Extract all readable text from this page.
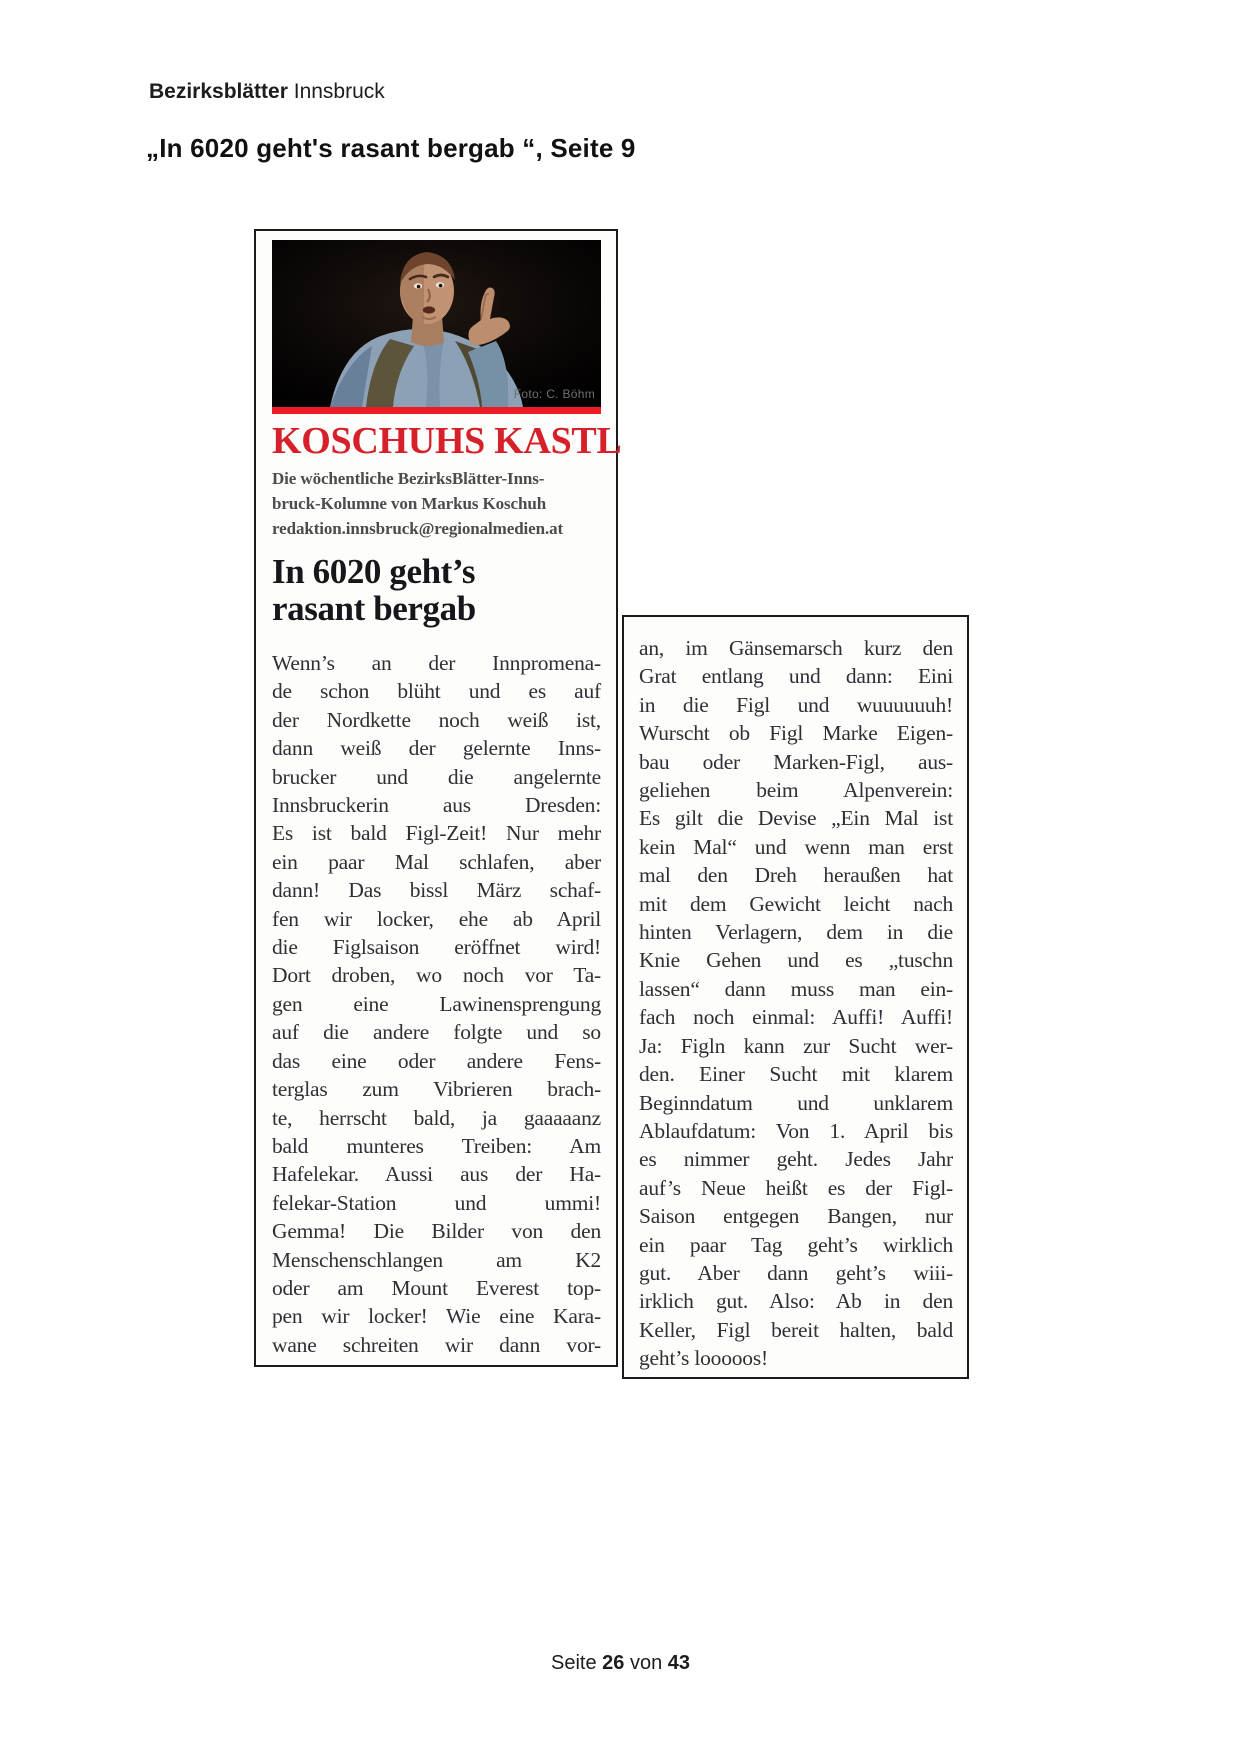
Bezirksblätter Innsbruck
„In 6020 geht's rasant bergab “, Seite 9
Foto: C. Böhm
KOSCHUHS KASTL
Die wöchentliche BezirksBlätter-Inns-
bruck-Kolumne von Markus Koschuh
redaktion.innsbruck@regionalmedien.at
In 6020 geht’s
rasant bergab
Wenn’s an der Innpromena-
de schon blüht und es auf
der Nordkette noch weiß ist,
dann weiß der gelernte Inns-
brucker und die angelernte
Innsbruckerin aus Dresden:
Es ist bald Figl-Zeit! Nur mehr
ein paar Mal schlafen, aber
dann! Das bissl März schaf-
fen wir locker, ehe ab April
die Figlsaison eröffnet wird!
Dort droben, wo noch vor Ta-
gen eine Lawinensprengung
auf die andere folgte und so
das eine oder andere Fens-
terglas zum Vibrieren brach-
te, herrscht bald, ja gaaaaanz
bald munteres Treiben: Am
Hafelekar. Aussi aus der Ha-
felekar-Station und ummi!
Gemma! Die Bilder von den
Menschenschlangen am K2
oder am Mount Everest top-
pen wir locker! Wie eine Kara-
wane schreiten wir dann vor-
an, im Gänsemarsch kurz den
Grat entlang und dann: Eini
in die Figl und wuuuuuuh!
Wurscht ob Figl Marke Eigen-
bau oder Marken-Figl, aus-
geliehen beim Alpenverein:
Es gilt die Devise „Ein Mal ist
kein Mal“ und wenn man erst
mal den Dreh heraußen hat
mit dem Gewicht leicht nach
hinten Verlagern, dem in die
Knie Gehen und es „tuschn
lassen“ dann muss man ein-
fach noch einmal: Auffi! Auffi!
Ja: Figln kann zur Sucht wer-
den. Einer Sucht mit klarem
Beginndatum und unklarem
Ablaufdatum: Von 1. April bis
es nimmer geht. Jedes Jahr
auf’s Neue heißt es der Figl-
Saison entgegen Bangen, nur
ein paar Tag geht’s wirklich
gut. Aber dann geht’s wiii-
irklich gut. Also: Ab in den
Keller, Figl bereit halten, bald
geht’s looooos!
Seite 26 von 43
